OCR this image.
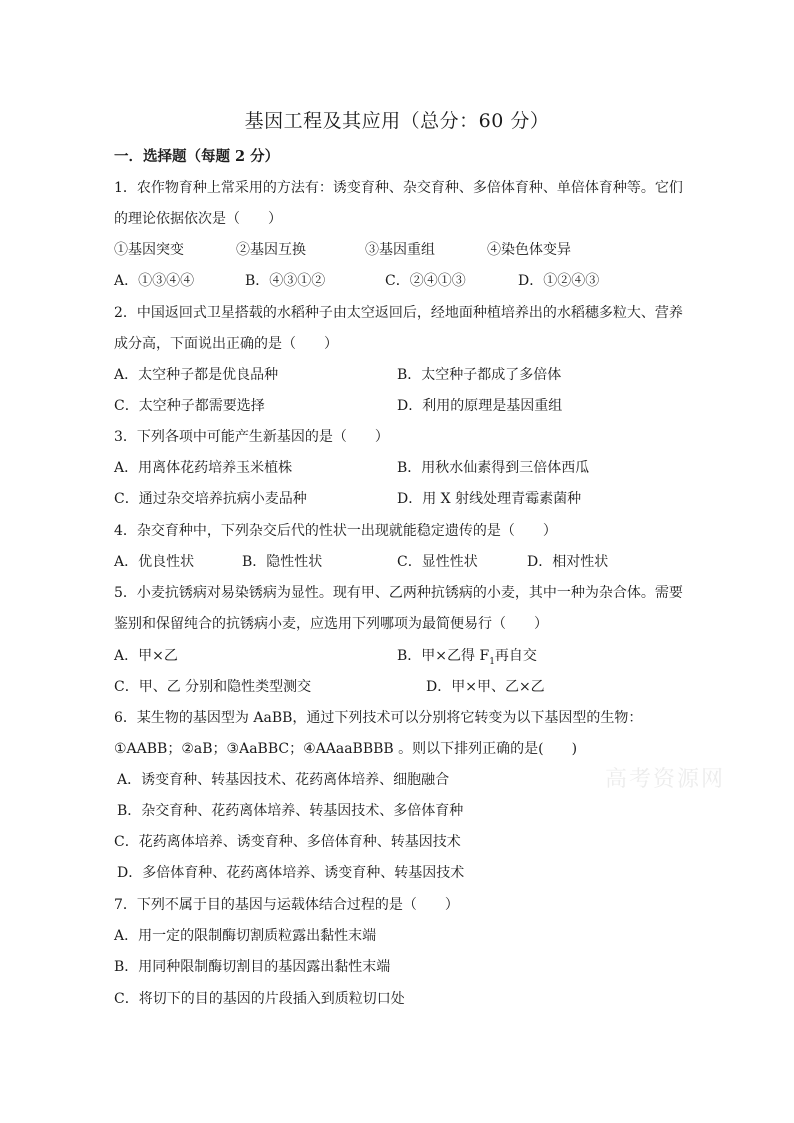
基因工程及其应用（总分：60 分）
一．选择题（每题 2 分）
1．农作物育种上常采用的方法有：诱变育种、杂交育种、多倍体育种、单倍体育种等。它们
的理论依据依次是（　　）
①基因突变	②基因互换	③基因重组	④染色体变异
A．①③④④	B．④③①②	C．②④①③	D．①②④③
2．中国返回式卫星搭载的水稻种子由太空返回后，经地面种植培养出的水稻穗多粒大、营养
成分高，下面说出正确的是（　　）
A．太空种子都是优良品种	B．太空种子都成了多倍体
C．太空种子都需要选择	D．利用的原理是基因重组
3．下列各项中可能产生新基因的是（　　）
A．用离体花药培养玉米植株	B．用秋水仙素得到三倍体西瓜
C．通过杂交培养抗病小麦品种	D．用 X 射线处理青霉素菌种
4．杂交育种中，下列杂交后代的性状一出现就能稳定遗传的是（　　）
A．优良性状	B．隐性性状	C．显性性状	D．相对性状
5．小麦抗锈病对易染锈病为显性。现有甲、乙两种抗锈病的小麦，其中一种为杂合体。需要
鉴别和保留纯合的抗锈病小麦，应选用下列哪项为最简便易行（　　）
A．甲×乙	B．甲×乙得 $F_1$再自交
C．甲、乙 分别和隐性类型测交	D．甲×甲、乙×乙
6．某生物的基因型为 AaBB，通过下列技术可以分别将它转变为以下基因型的生物：
①AABB；②aB；③AaBBC；④AAaaBBBB 。则以下排列正确的是(　　)
A．诱变育种、转基因技术、花药离体培养、细胞融合
B．杂交育种、花药离体培养、转基因技术、多倍体育种
C．花药离体培养、诱变育种、多倍体育种、转基因技术
D．多倍体育种、花药离体培养、诱变育种、转基因技术
7．下列不属于目的基因与运载体结合过程的是（　　）
A．用一定的限制酶切割质粒露出黏性末端
B．用同种限制酶切割目的基因露出黏性末端
C．将切下的目的基因的片段插入到质粒切口处
高考资源网
